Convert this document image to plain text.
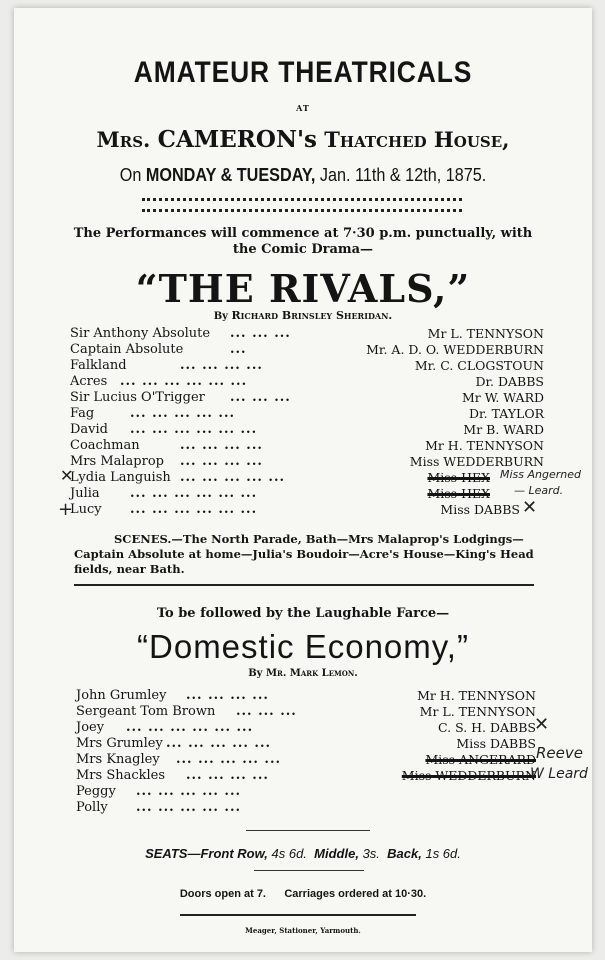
AMATEUR THEATRICALS
AT
Mrs. CAMERON's Thatched House,
On MONDAY & TUESDAY, Jan. 11th & 12th, 1875.
The Performances will commence at 7·30 p.m. punctually, with
the Comic Drama—
“THE RIVALS,”
By Richard Brinsley Sheridan.
Sir Anthony Absolute ... ... ...	Mr L. TENNYSON
Captain Absolute	...	Mr. A. D. O. WEDDERBURN
Falkland	... ... ... ...	Mr. C. CLOGSTOUN
Acres ... ... ... ... ... ...	Dr. DABBS
Sir Lucius O'Trigger ... ... ...	Mr W. WARD
Fag	... ... ... ... ...	Dr. TAYLOR
David ... ... ... ... ... ...	Mr B. WARD
Coachman	... ... ... ...	Mr H. TENNYSON
Mrs Malaprop ... ... ... ...	Miss WEDDERBURN
Lydia Languish ... ... ... ... ...	Miss HEX
Julia ... ... ... ... ... ...	Miss HEX
Lucy ... ... ... ... ... ...	Miss DABBS
Miss Angerned
— Leard.
✕
✕
+
SCENES.—The North Parade, Bath—Mrs Malaprop's Lodgings—Captain Absolute at home—Julia's Boudoir—Acre's House—King's Head fields, near Bath.
To be followed by the Laughable Farce—
“Domestic Economy,”
By Mr. Mark Lemon.
John Grumley ... ... ... ...	Mr H. TENNYSON
Sergeant Tom Brown ... ... ...	Mr L. TENNYSON
Joey ... ... ... ... ... ...	C. S. H. DABBS
Mrs Grumley ... ... ... ... ...	Miss DABBS
Mrs Knagley ... ... ... ... ...	Miss ANGERARD
Mrs Shackles ... ... ... ...	Miss WEDDERBURN
Peggy ... ... ... ... ...
Polly ... ... ... ... ...
✕
Reeve
W Leard
SEATS—Front Row, 4s 6d. Middle, 3s. Back, 1s 6d.
Doors open at 7.      Carriages ordered at 10·30.
Meager, Stationer, Yarmouth.
